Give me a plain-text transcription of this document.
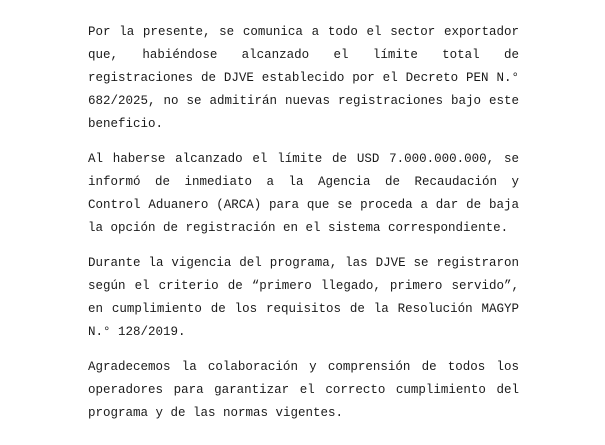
Por la presente, se comunica a todo el sector exportador que, habiéndose alcanzado el límite total de registraciones de DJVE establecido por el Decreto PEN N.° 682/2025, no se admitirán nuevas registraciones bajo este beneficio.

Al haberse alcanzado el límite de USD 7.000.000.000, se informó de inmediato a la Agencia de Recaudación y Control Aduanero (ARCA) para que se proceda a dar de baja la opción de registración en el sistema correspondiente.

Durante la vigencia del programa, las DJVE se registraron según el criterio de “primero llegado, primero servido”, en cumplimiento de los requisitos de la Resolución MAGYP N.° 128/2019.

Agradecemos la colaboración y comprensión de todos los operadores para garantizar el correcto cumplimiento del programa y de las normas vigentes.
